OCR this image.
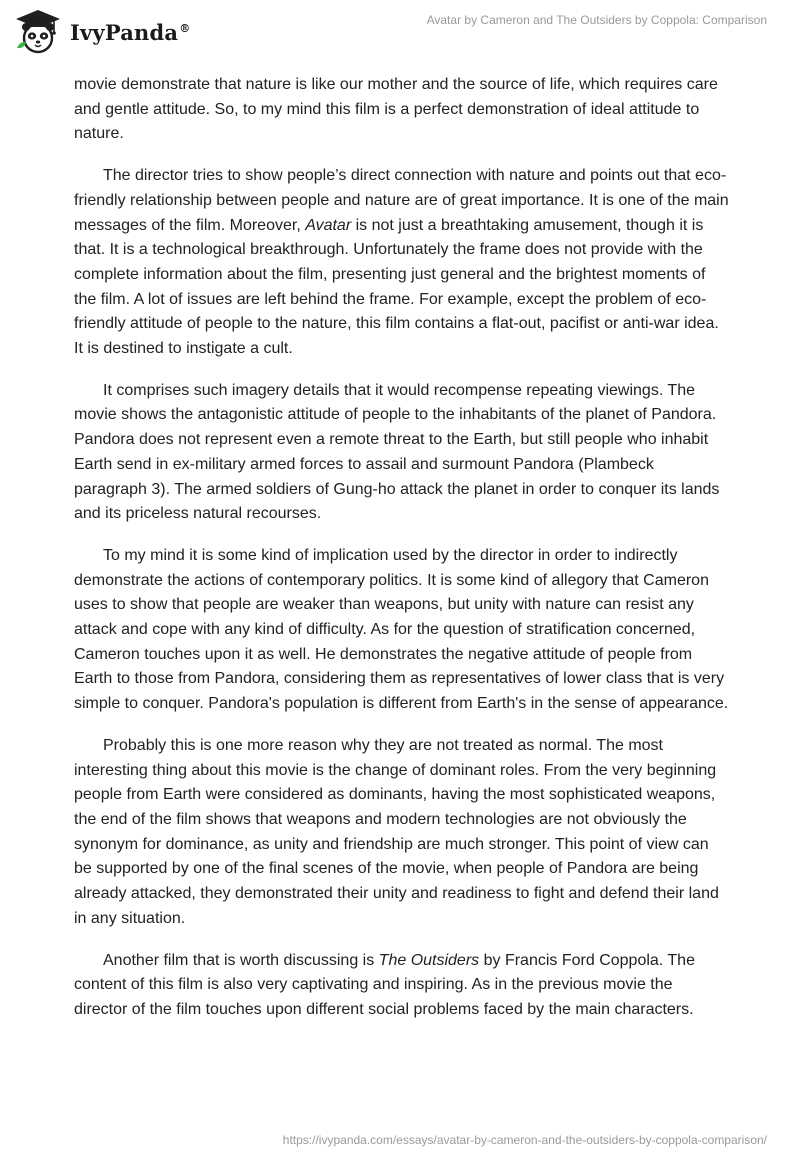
IvyPanda®
Avatar by Cameron and The Outsiders by Coppola: Comparison

movie demonstrate that nature is like our mother and the source of life, which requires care and gentle attitude. So, to my mind this film is a perfect demonstration of ideal attitude to nature.

The director tries to show people’s direct connection with nature and points out that eco-friendly relationship between people and nature are of great importance. It is one of the main messages of the film. Moreover, Avatar is not just a breathtaking amusement, though it is that. It is a technological breakthrough. Unfortunately the frame does not provide with the complete information about the film, presenting just general and the brightest moments of the film. A lot of issues are left behind the frame. For example, except the problem of eco-friendly attitude of people to the nature, this film contains a flat-out, pacifist or anti-war idea. It is destined to instigate a cult.

It comprises such imagery details that it would recompense repeating viewings. The movie shows the antagonistic attitude of people to the inhabitants of the planet of Pandora. Pandora does not represent even a remote threat to the Earth, but still people who inhabit Earth send in ex-military armed forces to assail and surmount Pandora (Plambeck paragraph 3). The armed soldiers of Gung-ho attack the planet in order to conquer its lands and its priceless natural recourses.

To my mind it is some kind of implication used by the director in order to indirectly demonstrate the actions of contemporary politics. It is some kind of allegory that Cameron uses to show that people are weaker than weapons, but unity with nature can resist any attack and cope with any kind of difficulty. As for the question of stratification concerned, Cameron touches upon it as well. He demonstrates the negative attitude of people from Earth to those from Pandora, considering them as representatives of lower class that is very simple to conquer. Pandora's population is different from Earth's in the sense of appearance.

Probably this is one more reason why they are not treated as normal. The most interesting thing about this movie is the change of dominant roles. From the very beginning people from Earth were considered as dominants, having the most sophisticated weapons, the end of the film shows that weapons and modern technologies are not obviously the synonym for dominance, as unity and friendship are much stronger. This point of view can be supported by one of the final scenes of the movie, when people of Pandora are being already attacked, they demonstrated their unity and readiness to fight and defend their land in any situation.

Another film that is worth discussing is The Outsiders by Francis Ford Coppola. The content of this film is also very captivating and inspiring. As in the previous movie the director of the film touches upon different social problems faced by the main characters.

https://ivypanda.com/essays/avatar-by-cameron-and-the-outsiders-by-coppola-comparison/
